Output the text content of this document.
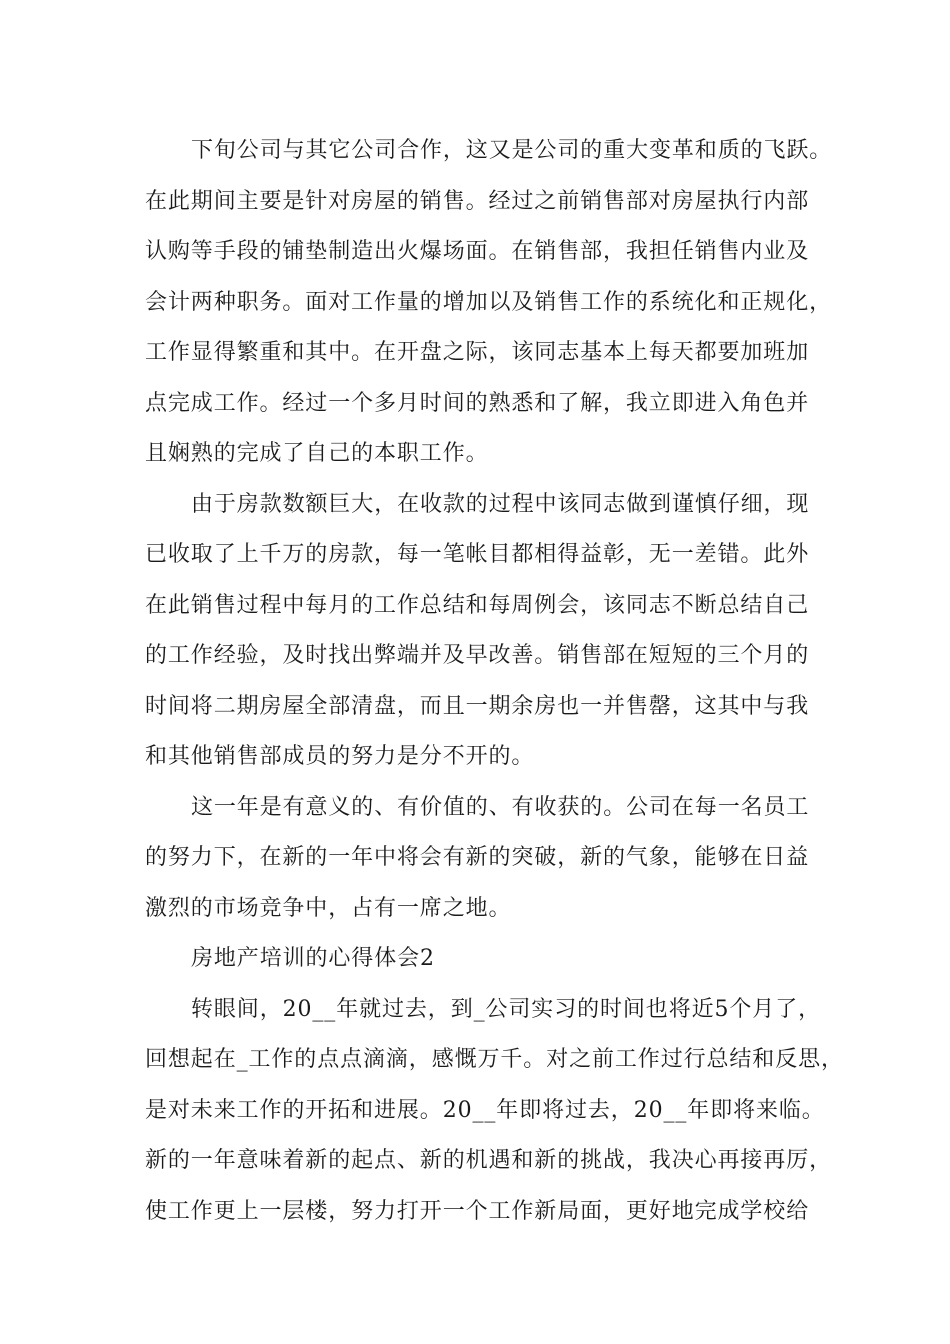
下旬公司与其它公司合作，这又是公司的重大变革和质的飞跃。
在此期间主要是针对房屋的销售。经过之前销售部对房屋执行内部
认购等手段的铺垫制造出火爆场面。在销售部，我担任销售内业及
会计两种职务。面对工作量的增加以及销售工作的系统化和正规化，
工作显得繁重和其中。在开盘之际，该同志基本上每天都要加班加
点完成工作。经过一个多月时间的熟悉和了解，我立即进入角色并
且娴熟的完成了自己的本职工作。
由于房款数额巨大，在收款的过程中该同志做到谨慎仔细，现
已收取了上千万的房款，每一笔帐目都相得益彰，无一差错。此外
在此销售过程中每月的工作总结和每周例会，该同志不断总结自己
的工作经验，及时找出弊端并及早改善。销售部在短短的三个月的
时间将二期房屋全部清盘，而且一期余房也一并售罄，这其中与我
和其他销售部成员的努力是分不开的。
这一年是有意义的、有价值的、有收获的。公司在每一名员工
的努力下，在新的一年中将会有新的突破，新的气象，能够在日益
激烈的市场竞争中，占有一席之地。
房地产培训的心得体会2
转眼间，20__年就过去，到_公司实习的时间也将近5个月了，
回想起在_工作的点点滴滴，感慨万千。对之前工作过行总结和反思，
是对未来工作的开拓和进展。20__年即将过去，20__年即将来临。
新的一年意味着新的起点、新的机遇和新的挑战，我决心再接再厉，
使工作更上一层楼，努力打开一个工作新局面，更好地完成学校给
